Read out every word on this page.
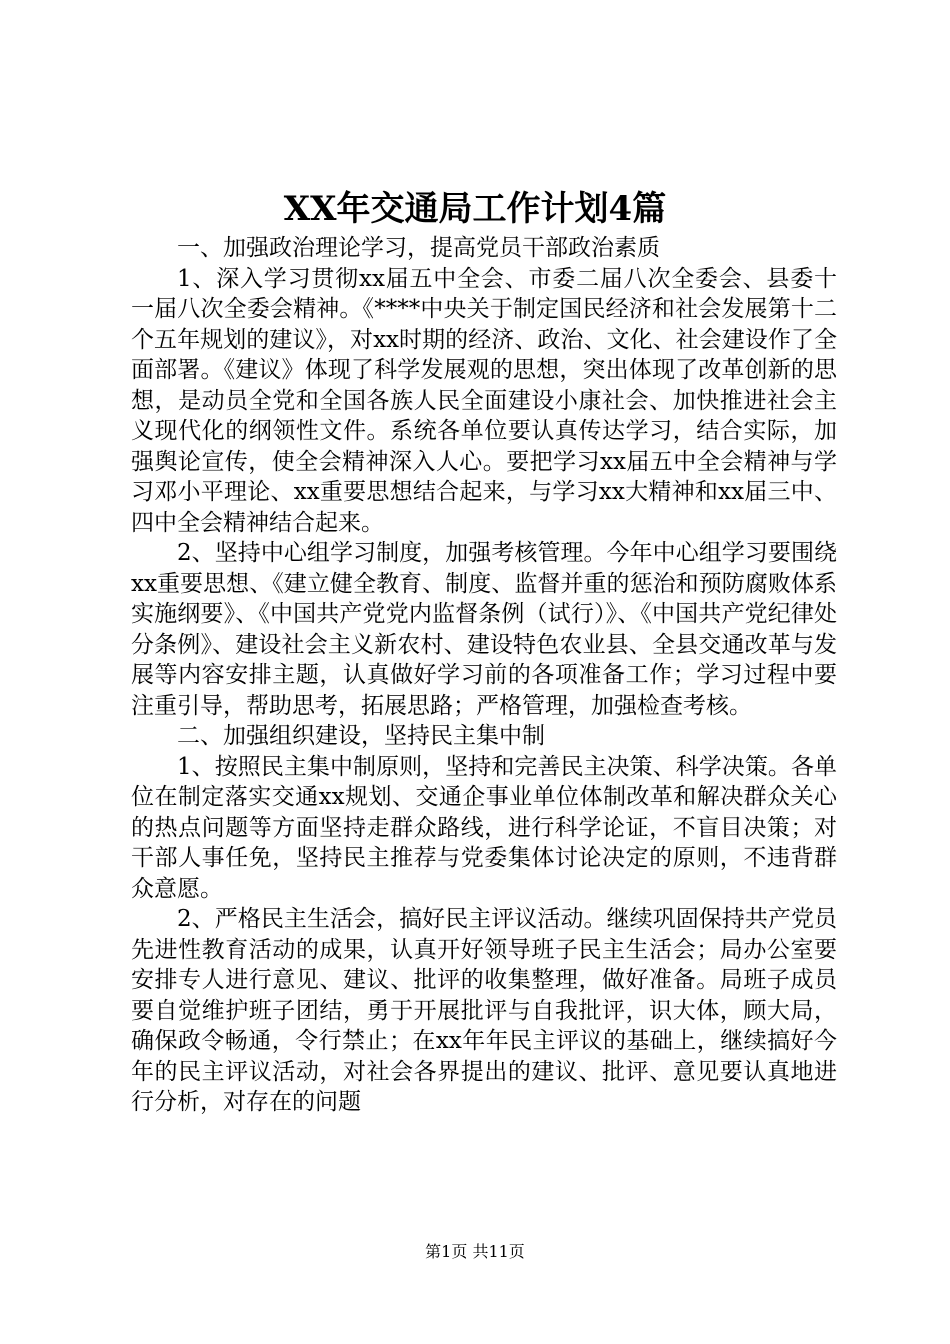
XX年交通局工作计划4篇

一、加强政治理论学习，提高党员干部政治素质

1、深入学习贯彻xx届五中全会、市委二届八次全委会、县委十一届八次全委会精神。《****中央关于制定国民经济和社会发展第十二个五年规划的建议》，对xx时期的经济、政治、文化、社会建设作了全面部署。《建议》体现了科学发展观的思想，突出体现了改革创新的思想，是动员全党和全国各族人民全面建设小康社会、加快推进社会主义现代化的纲领性文件。系统各单位要认真传达学习，结合实际，加强舆论宣传，使全会精神深入人心。要把学习xx届五中全会精神与学习邓小平理论、xx重要思想结合起来，与学习xx大精神和xx届三中、四中全会精神结合起来。

2、坚持中心组学习制度，加强考核管理。今年中心组学习要围绕xx重要思想、《建立健全教育、制度、监督并重的惩治和预防腐败体系实施纲要》、《中国共产党党内监督条例（试行）》、《中国共产党纪律处分条例》、建设社会主义新农村、建设特色农业县、全县交通改革与发展等内容安排主题，认真做好学习前的各项准备工作；学习过程中要注重引导，帮助思考，拓展思路；严格管理，加强检查考核。

二、加强组织建设，坚持民主集中制

1、按照民主集中制原则，坚持和完善民主决策、科学决策。各单位在制定落实交通xx规划、交通企事业单位体制改革和解决群众关心的热点问题等方面坚持走群众路线，进行科学论证，不盲目决策；对干部人事任免，坚持民主推荐与党委集体讨论决定的原则，不违背群众意愿。

2、严格民主生活会，搞好民主评议活动。继续巩固保持共产党员先进性教育活动的成果，认真开好领导班子民主生活会；局办公室要安排专人进行意见、建议、批评的收集整理，做好准备。局班子成员要自觉维护班子团结，勇于开展批评与自我批评，识大体，顾大局，确保政令畅通，令行禁止；在xx年年民主评议的基础上，继续搞好今年的民主评议活动，对社会各界提出的建议、批评、意见要认真地进行分析，对存在的问题

第1页 共11页
